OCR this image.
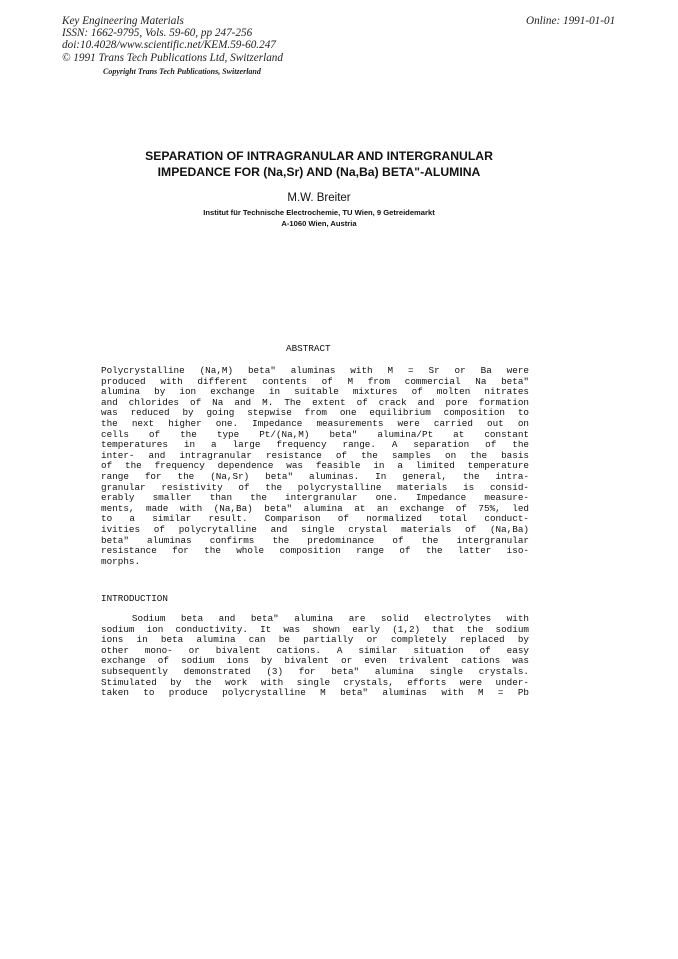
Key Engineering Materials
ISSN: 1662-9795, Vols. 59-60, pp 247-256
doi:10.4028/www.scientific.net/KEM.59-60.247
© 1991 Trans Tech Publications Ltd, Switzerland
Online: 1991-01-01
Copyright Trans Tech Publications, Switzerland
SEPARATION OF INTRAGRANULAR AND INTERGRANULAR
IMPEDANCE FOR (Na,Sr) AND (Na,Ba) BETA"-ALUMINA
M.W. Breiter
Institut für Technische Electrochemie, TU Wien, 9 Getreidemarkt
A-1060 Wien, Austria
ABSTRACT
Polycrystalline (Na,M) beta" aluminas with M = Sr or Ba were
produced with different contents of M from commercial Na beta"
alumina by ion exchange in suitable mixtures of molten nitrates
and chlorides of Na and M. The extent of crack and pore formation
was reduced by going stepwise from one equilibrium composition to
the next higher one. Impedance measurements were carried out on
cells of the type Pt/(Na,M) beta" alumina/Pt at constant
temperatures in a large frequency range. A separation of the
inter- and intragranular resistance of the samples on the basis
of the frequency dependence was feasible in a limited temperature
range for the (Na,Sr) beta" aluminas. In general, the intra-
granular resistivity of the polycrystalline materials is consid-
erably smaller than the intergranular one. Impedance measure-
ments, made with (Na,Ba) beta" alumina at an exchange of 75%, led
to a similar result. Comparison of normalized total conduct-
ivities of polycrytalline and single crystal materials of (Na,Ba)
beta" aluminas confirms the predominance of the intergranular
resistance for the whole composition range of the latter iso-
morphs.
INTRODUCTION
Sodium beta and beta" alumina are solid electrolytes with
sodium ion conductivity. It was shown early (1,2) that the sodium
ions in beta alumina can be partially or completely replaced by
other mono- or bivalent cations. A similar situation of easy
exchange of sodium ions by bivalent or even trivalent cations was
subsequently demonstrated (3) for beta" alumina single crystals.
Stimulated by the work with single crystals, efforts were under-
taken to produce polycrystalline M beta" aluminas with M = Pb
